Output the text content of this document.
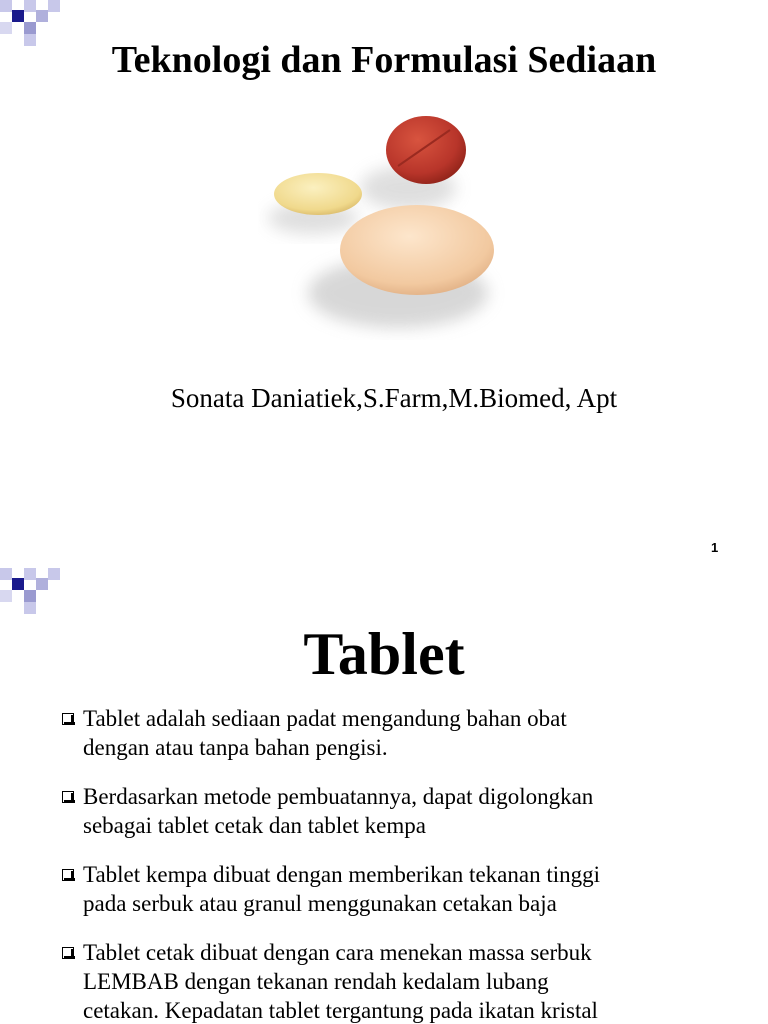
Teknologi dan Formulasi Sediaan

Sonata Daniatiek,S.Farm,M.Biomed, Apt

1
Tablet
Tablet adalah sediaan padat mengandung bahan obat
dengan atau tanpa bahan pengisi.
Berdasarkan metode pembuatannya, dapat digolongkan
sebagai tablet cetak dan tablet kempa
Tablet kempa dibuat dengan memberikan tekanan tinggi
pada serbuk atau granul menggunakan cetakan baja
Tablet cetak dibuat dengan cara menekan massa serbuk
LEMBAB dengan tekanan rendah kedalam lubang
cetakan. Kepadatan tablet tergantung pada ikatan kristal
